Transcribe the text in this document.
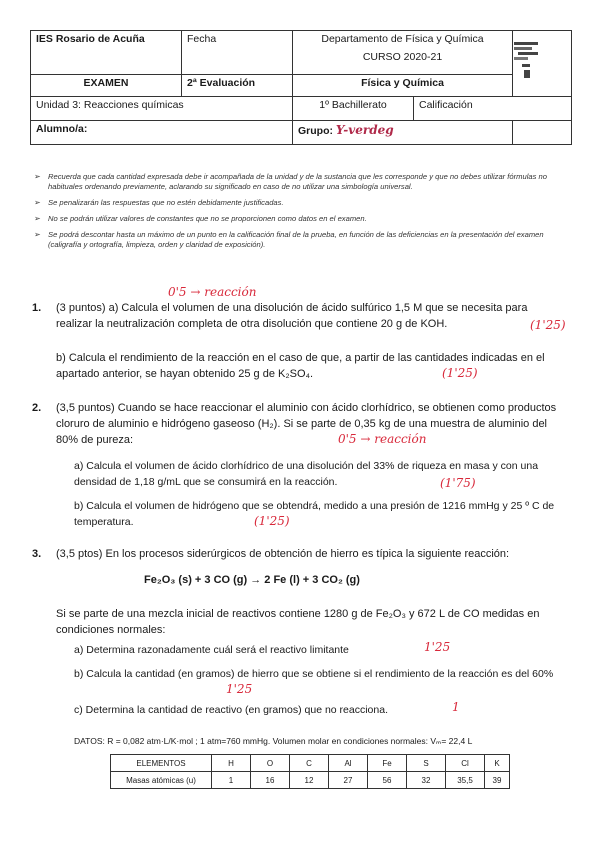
IES Rosario de Acuña	Fecha	Departamento de Física y Química
CURSO 2020-21		

EXAMEN	2ª Evaluación	Física y Química		
Unidad 3: Reacciones químicas		1º Bachillerato	Calificación	
Alumno/a:		Grupo: Y-verdeg		

➢ Recuerda que cada cantidad expresada debe ir acompañada de la unidad y de la sustancia que les corresponde y que no debes utilizar fórmulas no habituales ordenando previamente, aclarando su significado en caso de no utilizar una simbología universal.

➢ Se penalizarán las respuestas que no estén debidamente justificadas.

➢ No se podrán utilizar valores de constantes que no se proporcionen como datos en el examen.

➢ Se podrá descontar hasta un máximo de un punto en la calificación final de la prueba, en función de las deficiencias en la presentación del examen (caligrafía y ortografía, limpieza, orden y claridad de exposición).

0'5 → reacción
1. (3 puntos) a) Calcula el volumen de una disolución de ácido sulfúrico 1,5 M que se necesita para realizar la neutralización completa de otra disolución que contiene 20 g de KOH.	(1'25)
b) Calcula el rendimiento de la reacción en el caso de que, a partir de las cantidades indicadas en el apartado anterior, se hayan obtenido 25 g de K₂SO₄.	(1'25)
2. (3,5 puntos) Cuando se hace reaccionar el aluminio con ácido clorhídrico, se obtienen como productos cloruro de aluminio e hidrógeno gaseoso (H₂). Si se parte de 0,35 kg de una muestra de aluminio del 80% de pureza:	0'5 → reacción
a) Calcula el volumen de ácido clorhídrico de una disolución del 33% de riqueza en masa y con una densidad de 1,18 g/mL que se consumirá en la reacción.	(1'75)
b) Calcula el volumen de hidrógeno que se obtendrá, medido a una presión de 1216 mmHg y 25 º C de temperatura.	(1'25)
3. (3,5 ptos) En los procesos siderúrgicos de obtención de hierro es típica la siguiente reacción:
Fe₂O₃ (s) + 3 CO (g) → 2 Fe (l) + 3 CO₂ (g)
Si se parte de una mezcla inicial de reactivos contiene 1280 g de Fe₂O₃ y 672 L de CO medidas en condiciones normales:
a) Determina razonadamente cuál será el reactivo limitante	1'25
b) Calcula la cantidad (en gramos) de hierro que se obtiene si el rendimiento de la reacción es del 60%
1'25
c) Determina la cantidad de reactivo (en gramos) que no reacciona.	1
DATOS: R = 0,082 atm·L/K·mol ; 1 atm=760 mmHg. Volumen molar en condiciones normales: Vₘ= 22,4 L
ELEMENTOS	H	O	C	Al	Fe	S	Cl	K
Masas atómicas (u)	1	16	12	27	56	32	35,5	39
